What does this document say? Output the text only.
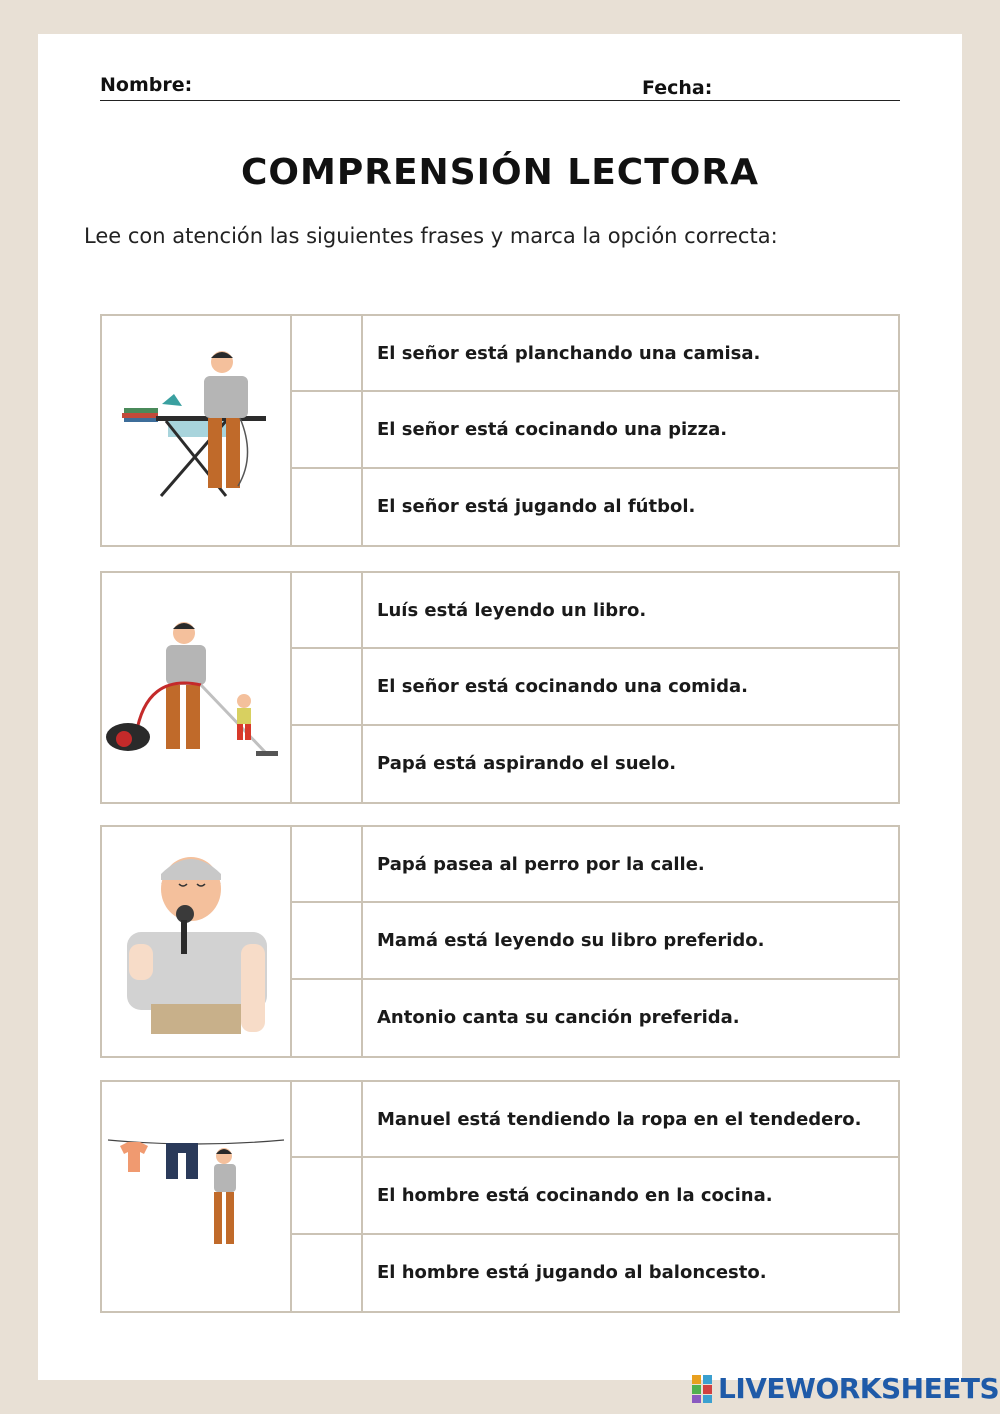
Nombre:	Fecha:
COMPRENSIÓN LECTORA
Lee con atención las siguientes frases y marca la opción correcta:
El señor está planchando una camisa.
El señor está cocinando una pizza.
El señor está jugando al fútbol.
Luís está leyendo un libro.
El señor está cocinando una comida.
Papá está aspirando el suelo.
Papá pasea al perro por la calle.
Mamá está leyendo su libro preferido.
Antonio canta su canción preferida.
Manuel está tendiendo la ropa en el tendedero.
El hombre está cocinando en la cocina.
El hombre está jugando al baloncesto.
LIVEWORKSHEETS
